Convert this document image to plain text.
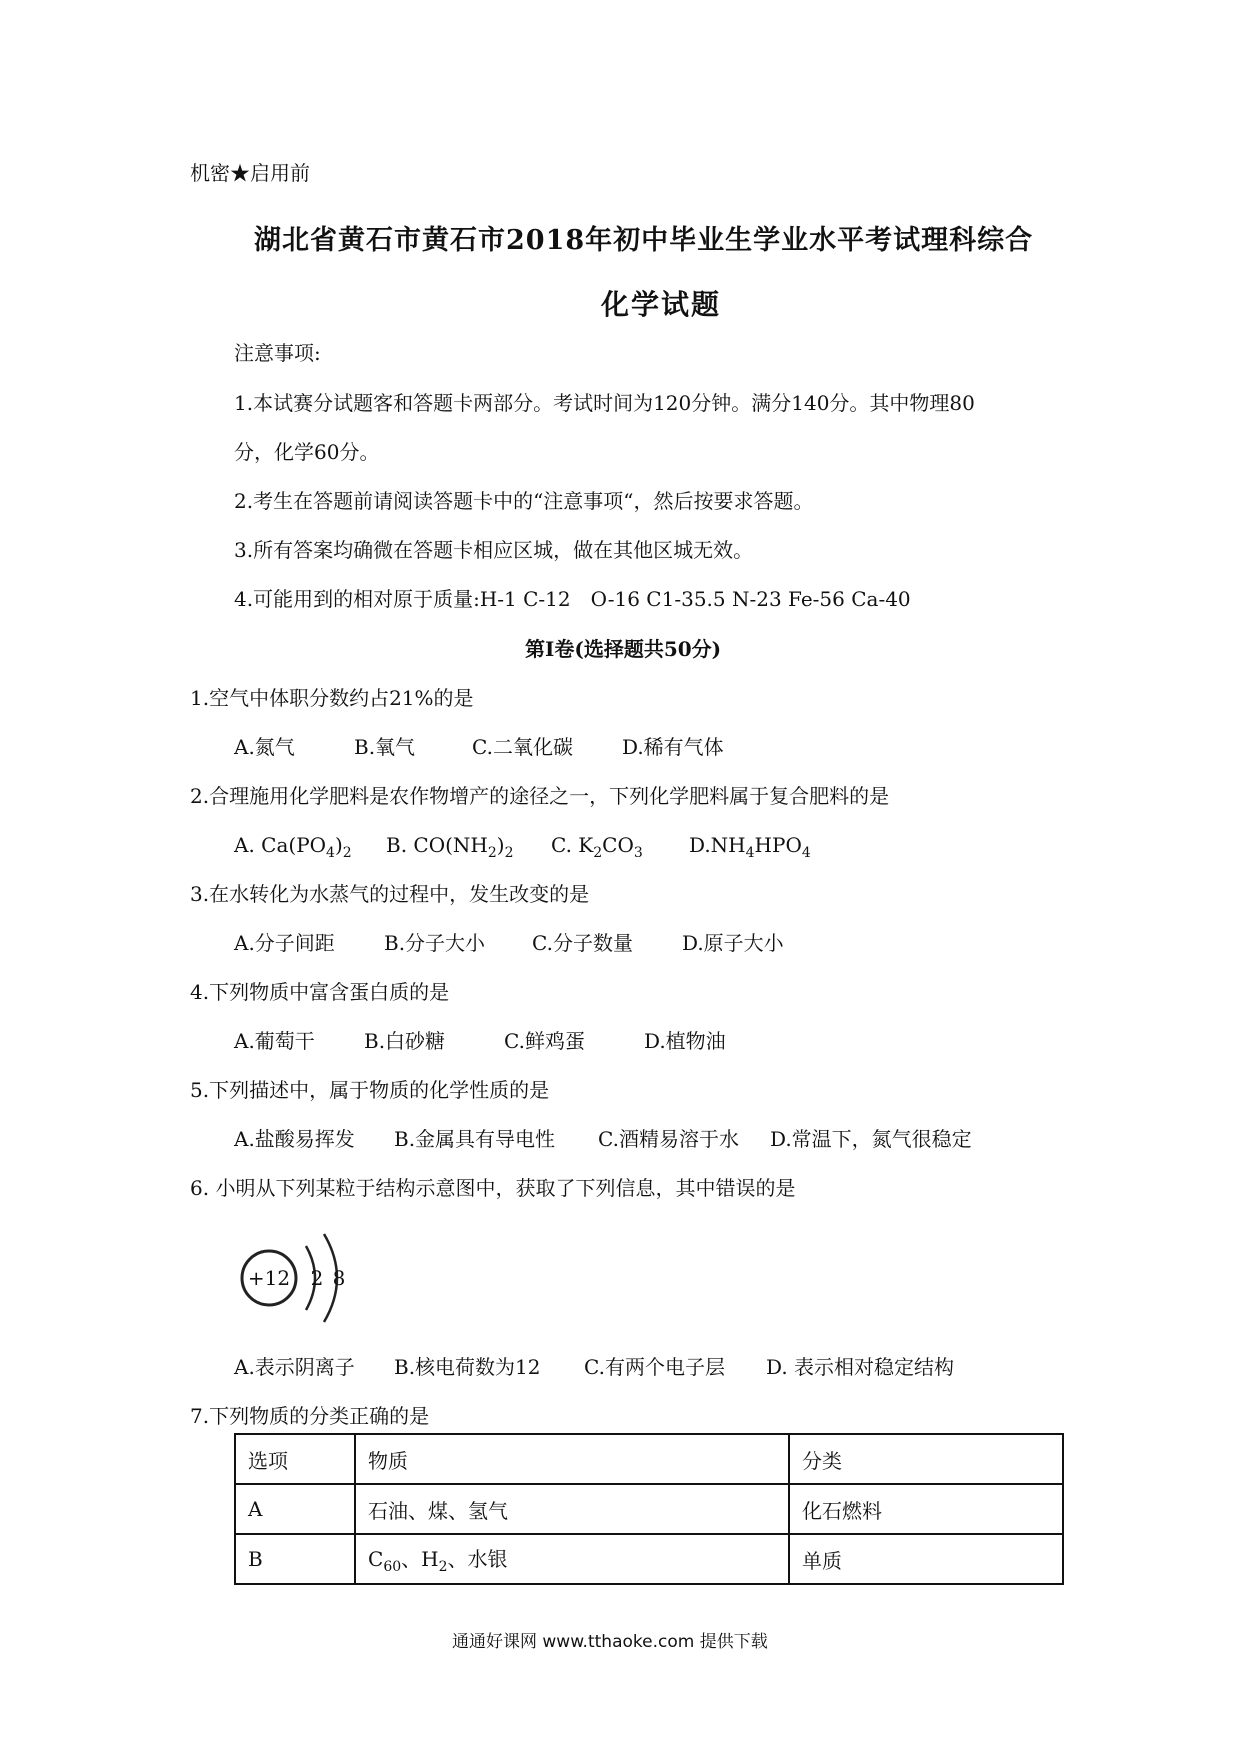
机密★启用前
湖北省黄石市黄石市2018年初中毕业生学业水平考试理科综合
化学试题
注意事项:
1.本试赛分试题客和答题卡两部分。考试时间为120分钟。满分140分。其中物理80
分，化学60分。
2.考生在答题前请阅读答题卡中的“注意事项“，然后按要求答题。
3.所有答案均确微在答题卡相应区城，做在其他区城无效。
4.可能用到的相对原于质量:H-1 C-12　O-16 C1-35.5 N-23 Fe-56 Ca-40
第I卷(选择题共50分)
1.空气中体职分数约占21%的是
A.氮气	B.氧气	C.二氧化碳 D.稀有气体
2.合理施用化学肥料是农作物增产的途径之一，下列化学肥料属于复合肥料的是
A. $Ca(PO_4)_2$ B. $CO(NH_2)_2$ C. $K_2CO_3$ $D.NH_4HPO_4$
3.在水转化为水蒸气的过程中，发生改变的是
A.分子间距 B.分子大小 C.分子数量 D.原子大小
4.下列物质中富含蛋白质的是
A.葡萄干 B.白砂糖	C.鲜鸡蛋	D.植物油
5.下列描述中，属于物质的化学性质的是
A.盐酸易挥发 B.金属具有导电性 C.酒精易溶于水 D.常温下，氮气很稳定
6. 小明从下列某粒于结构示意图中，获取了下列信息，其中错误的是
+12 2 8
A.表示阴离子 B.核电荷数为12 C.有两个电子层 D. 表示相对稳定结构
7.下列物质的分类正确的是
选项	物质	分类
A	石油、煤、氢气	化石燃料
B	$C_{60}$、$H_2$、水银	单质
通通好课网 www.tthaoke.com 提供下载
